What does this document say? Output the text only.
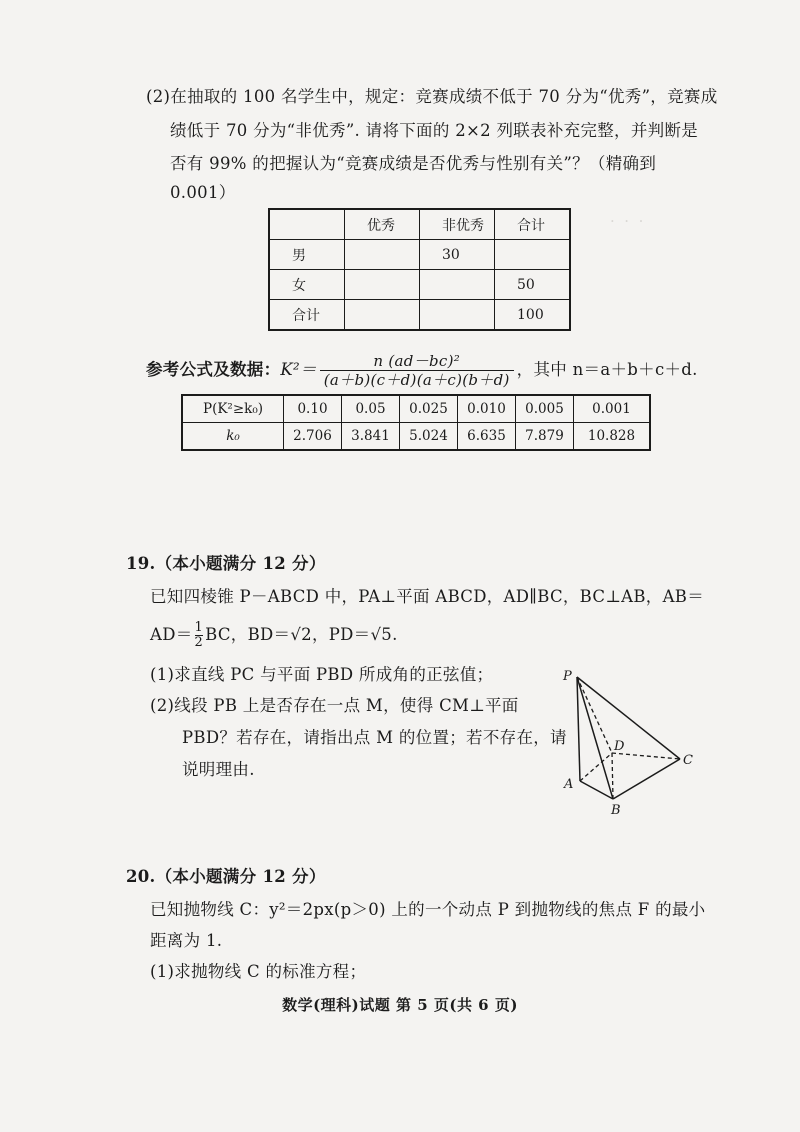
·  ·  ·
(2)在抽取的 100 名学生中，规定：竞赛成绩不低于 70 分为“优秀”，竞赛成
绩低于 70 分为“非优秀”. 请将下面的 2×2 列联表补充完整，并判断是
否有 99% 的把握认为“竞赛成绩是否优秀与性别有关”？（精确到
0.001）
	优秀	非优秀	合计
男		30	
女			50
合计			100
参考公式及数据：$K^2= \frac{\text{n (ad－bc)²}}{(a+b)(c+d)(a+c)(b+d)}$ ，其中 n＝a＋b＋c＋d.
P(K²≥k₀)	0.10	0.05	0.025	0.010	0.005	0.001
k₀	2.706	3.841	5.024	6.635	7.879	10.828
19.（本小题满分 12 分）
已知四棱锥 P－ABCD 中，PA⊥平面 ABCD，AD∥BC，BC⊥AB，AB＝
$AD= \frac{1}{2}$ BC，BD＝√2，PD＝√5.
(1)求直线 PC 与平面 PBD 所成角的正弦值；
(2)线段 PB 上是否存在一点 M，使得 CM⊥平面
PBD？若存在，请指出点 M 的位置；若不存在，请
说明理由.
P
D
C
A
B
20.（本小题满分 12 分）
已知抛物线 C：y²＝2px(p＞0) 上的一个动点 P 到抛物线的焦点 F 的最小
距离为 1.
(1)求抛物线 C 的标准方程；
数学(理科)试题 第 5 页(共 6 页)
